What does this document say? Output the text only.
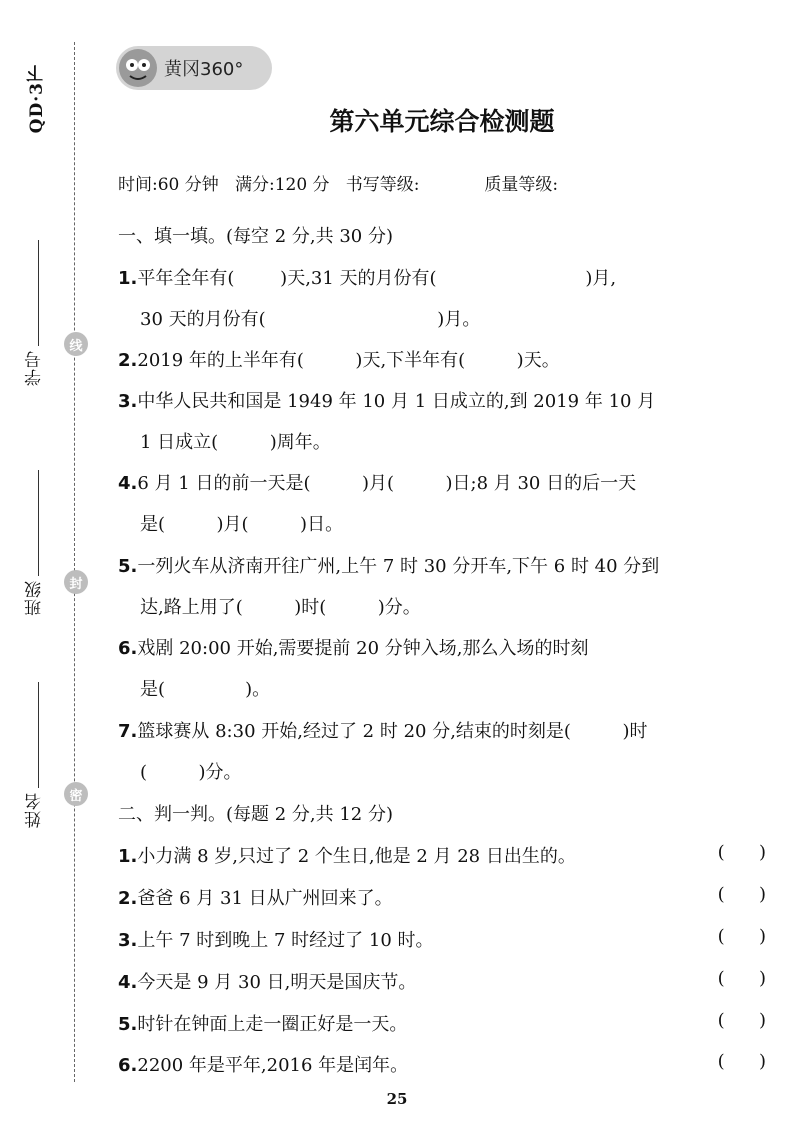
QD·3下
学号
班级
姓名
线
封
密
黄冈360°
第六单元综合检测题
时间:60 分钟   满分:120 分   书写等级:            质量等级:
一、填一填。(每空 2 分,共 30 分)
1.平年全年有(        )天,31 天的月份有(                          )月,
30 天的月份有(                              )月。
2.2019 年的上半年有(         )天,下半年有(         )天。
3.中华人民共和国是 1949 年 10 月 1 日成立的,到 2019 年 10 月
1 日成立(         )周年。
4.6 月 1 日的前一天是(         )月(         )日;8 月 30 日的后一天
是(         )月(         )日。
5.一列火车从济南开往广州,上午 7 时 30 分开车,下午 6 时 40 分到
达,路上用了(         )时(         )分。
6.戏剧 20:00 开始,需要提前 20 分钟入场,那么入场的时刻
是(              )。
7.篮球赛从 8:30 开始,经过了 2 时 20 分,结束的时刻是(         )时
(         )分。
二、判一判。(每题 2 分,共 12 分)
1.小力满 8 岁,只过了 2 个生日,他是 2 月 28 日出生的。	(      )
2.爸爸 6 月 31 日从广州回来了。	(      )
3.上午 7 时到晚上 7 时经过了 10 时。	(      )
4.今天是 9 月 30 日,明天是国庆节。	(      )
5.时针在钟面上走一圈正好是一天。	(      )
6.2200 年是平年,2016 年是闰年。	(      )
25
